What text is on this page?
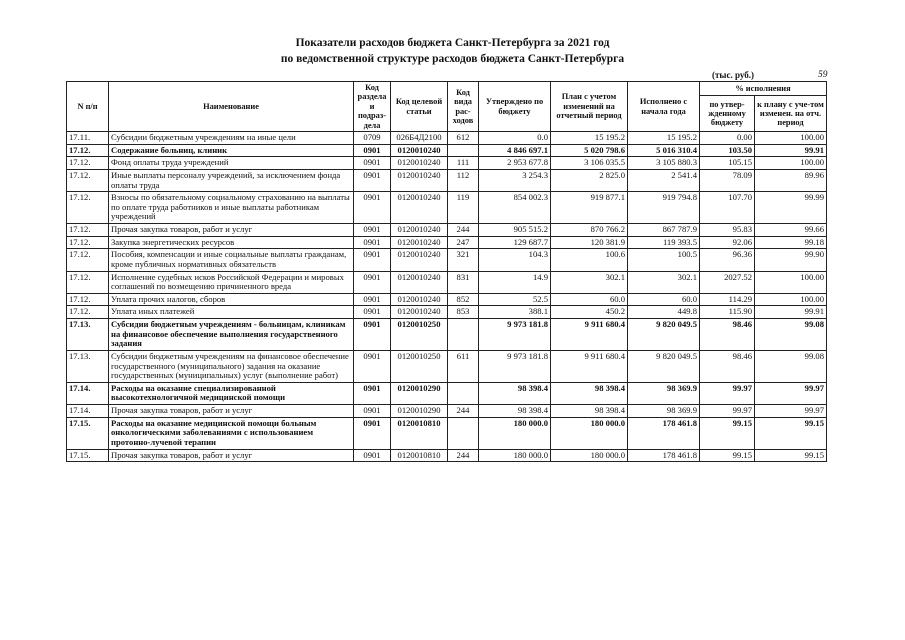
Показатели расходов бюджета Санкт-Петербурга за 2021 год
по ведомственной структуре расходов бюджета Санкт-Петербурга
(тыс. руб.)	59
N п/п	Наименование	Код раздела и подраз-дела	Код целевой статьи	Код вида рас-ходов	Утверждено по бюджету	План с учетом изменений на отчетный период	Исполнено с начала года	% исполнения	
								по утвер-жденному бюджету	к плану с уче-том изменен. на отч. период
17.11.	Субсидии бюджетным учреждениям на иные цели	0709	026Б4Д2100	612	0.0	15 195.2	15 195.2	0.00	100.00
17.12.	Содержание больниц, клиник	0901	0120010240		4 846 697.1	5 020 798.6	5 016 310.4	103.50	99.91
17.12.	Фонд оплаты труда учреждений	0901	0120010240	111	2 953 677.8	3 106 035.5	3 105 880.3	105.15	100.00
17.12.	Иные выплаты персоналу учреждений, за исключением фонда оплаты труда	0901	0120010240	112	3 254.3	2 825.0	2 541.4	78.09	89.96
17.12.	Взносы по обязательному социальному страхованию на выплаты по оплате труда работников и иные выплаты работникам учреждений	0901	0120010240	119	854 002.3	919 877.1	919 794.8	107.70	99.99
17.12.	Прочая закупка товаров, работ и услуг	0901	0120010240	244	905 515.2	870 766.2	867 787.9	95.83	99.66
17.12.	Закупка энергетических ресурсов	0901	0120010240	247	129 687.7	120 381.9	119 393.5	92.06	99.18
17.12.	Пособия, компенсации и иные социальные выплаты гражданам, кроме публичных нормативных обязательств	0901	0120010240	321	104.3	100.6	100.5	96.36	99.90
17.12.	Исполнение судебных исков Российской Федерации и мировых соглашений по возмещению причиненного вреда	0901	0120010240	831	14.9	302.1	302.1	2027.52	100.00
17.12.	Уплата прочих налогов, сборов	0901	0120010240	852	52.5	60.0	60.0	114.29	100.00
17.12.	Уплата иных платежей	0901	0120010240	853	388.1	450.2	449.8	115.90	99.91
17.13.	Субсидии бюджетным учреждениям - больницам, клиникам на финансовое обеспечение выполнения государственного задания	0901	0120010250		9 973 181.8	9 911 680.4	9 820 049.5	98.46	99.08
17.13.	Субсидии бюджетным учреждениям на финансовое обеспечение государственного (муниципального) задания на оказание государственных (муниципальных) услуг (выполнение работ)	0901	0120010250	611	9 973 181.8	9 911 680.4	9 820 049.5	98.46	99.08
17.14.	Расходы на оказание специализированной высокотехнологичной медицинской помощи	0901	0120010290		98 398.4	98 398.4	98 369.9	99.97	99.97
17.14.	Прочая закупка товаров, работ и услуг	0901	0120010290	244	98 398.4	98 398.4	98 369.9	99.97	99.97
17.15.	Расходы на оказание медицинской помощи больным онкологическими заболеваниями с использованием протонно-лучевой терапии	0901	0120010810		180 000.0	180 000.0	178 461.8	99.15	99.15
17.15.	Прочая закупка товаров, работ и услуг	0901	0120010810	244	180 000.0	180 000.0	178 461.8	99.15	99.15
